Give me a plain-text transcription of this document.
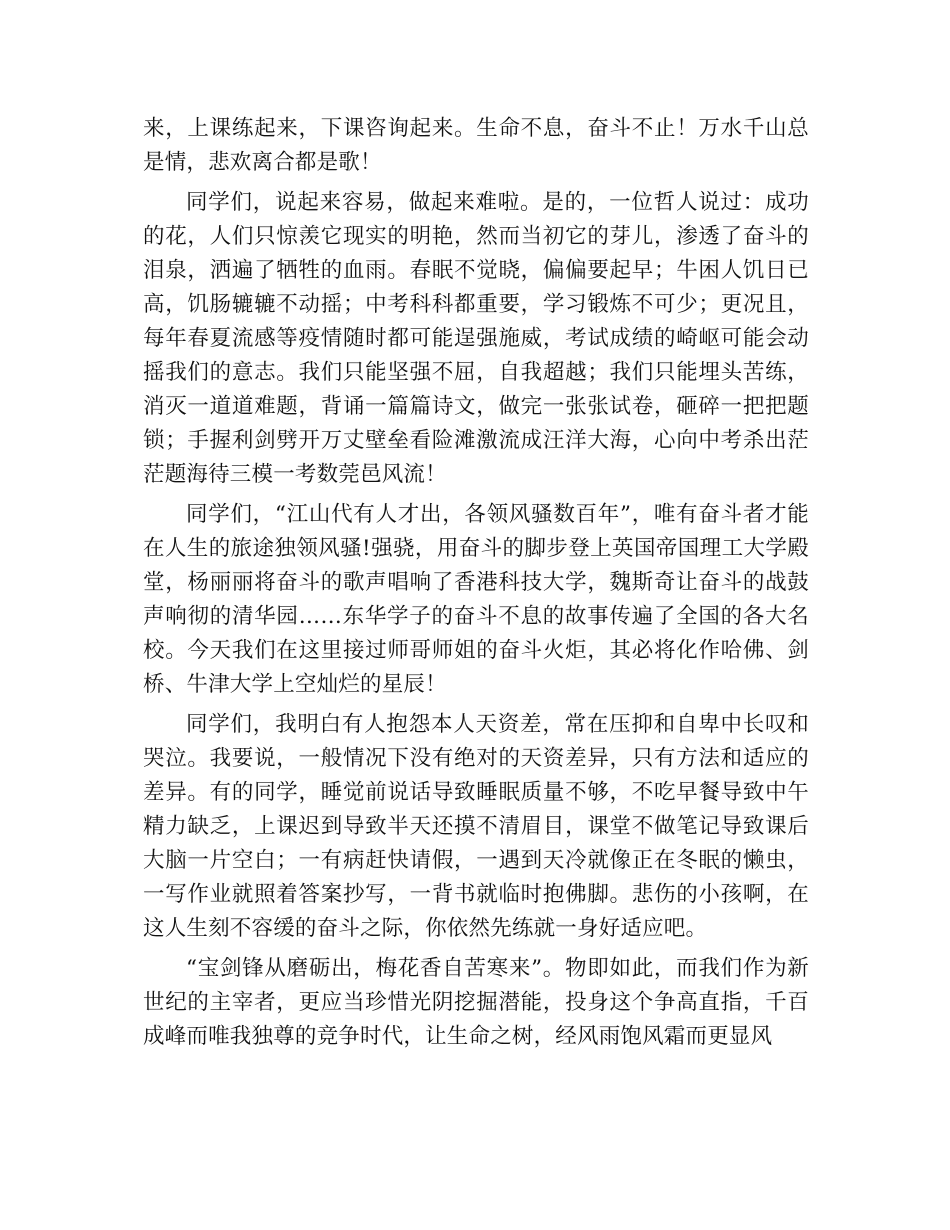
来，上课练起来，下课咨询起来。生命不息，奋斗不止！万水千山总是情，悲欢离合都是歌！

同学们，说起来容易，做起来难啦。是的，一位哲人说过：成功的花，人们只惊羡它现实的明艳，然而当初它的芽儿，渗透了奋斗的泪泉，洒遍了牺牲的血雨。春眠不觉晓，偏偏要起早；牛困人饥日已高，饥肠辘辘不动摇；中考科科都重要，学习锻炼不可少；更况且，每年春夏流感等疫情随时都可能逞强施威，考试成绩的崎岖可能会动摇我们的意志。我们只能坚强不屈，自我超越；我们只能埋头苦练，消灭一道道难题，背诵一篇篇诗文，做完一张张试卷，砸碎一把把题锁；手握利剑劈开万丈壁垒看险滩激流成汪洋大海，心向中考杀出茫茫题海待三模一考数莞邑风流！

同学们，“江山代有人才出，各领风骚数百年”，唯有奋斗者才能在人生的旅途独领风骚!强骁，用奋斗的脚步登上英国帝国理工大学殿堂，杨丽丽将奋斗的歌声唱响了香港科技大学，魏斯奇让奋斗的战鼓声响彻的清华园……东华学子的奋斗不息的故事传遍了全国的各大名校。今天我们在这里接过师哥师姐的奋斗火炬，其必将化作哈佛、剑桥、牛津大学上空灿烂的星辰！

同学们，我明白有人抱怨本人天资差，常在压抑和自卑中长叹和哭泣。我要说，一般情况下没有绝对的天资差异，只有方法和适应的差异。有的同学，睡觉前说话导致睡眠质量不够，不吃早餐导致中午精力缺乏，上课迟到导致半天还摸不清眉目，课堂不做笔记导致课后大脑一片空白；一有病赶快请假，一遇到天冷就像正在冬眠的懒虫，一写作业就照着答案抄写，一背书就临时抱佛脚。悲伤的小孩啊，在这人生刻不容缓的奋斗之际，你依然先练就一身好适应吧。

“宝剑锋从磨砺出，梅花香自苦寒来”。物即如此，而我们作为新世纪的主宰者，更应当珍惜光阴挖掘潜能，投身这个争高直指，千百成峰而唯我独尊的竞争时代，让生命之树，经风雨饱风霜而更显风
